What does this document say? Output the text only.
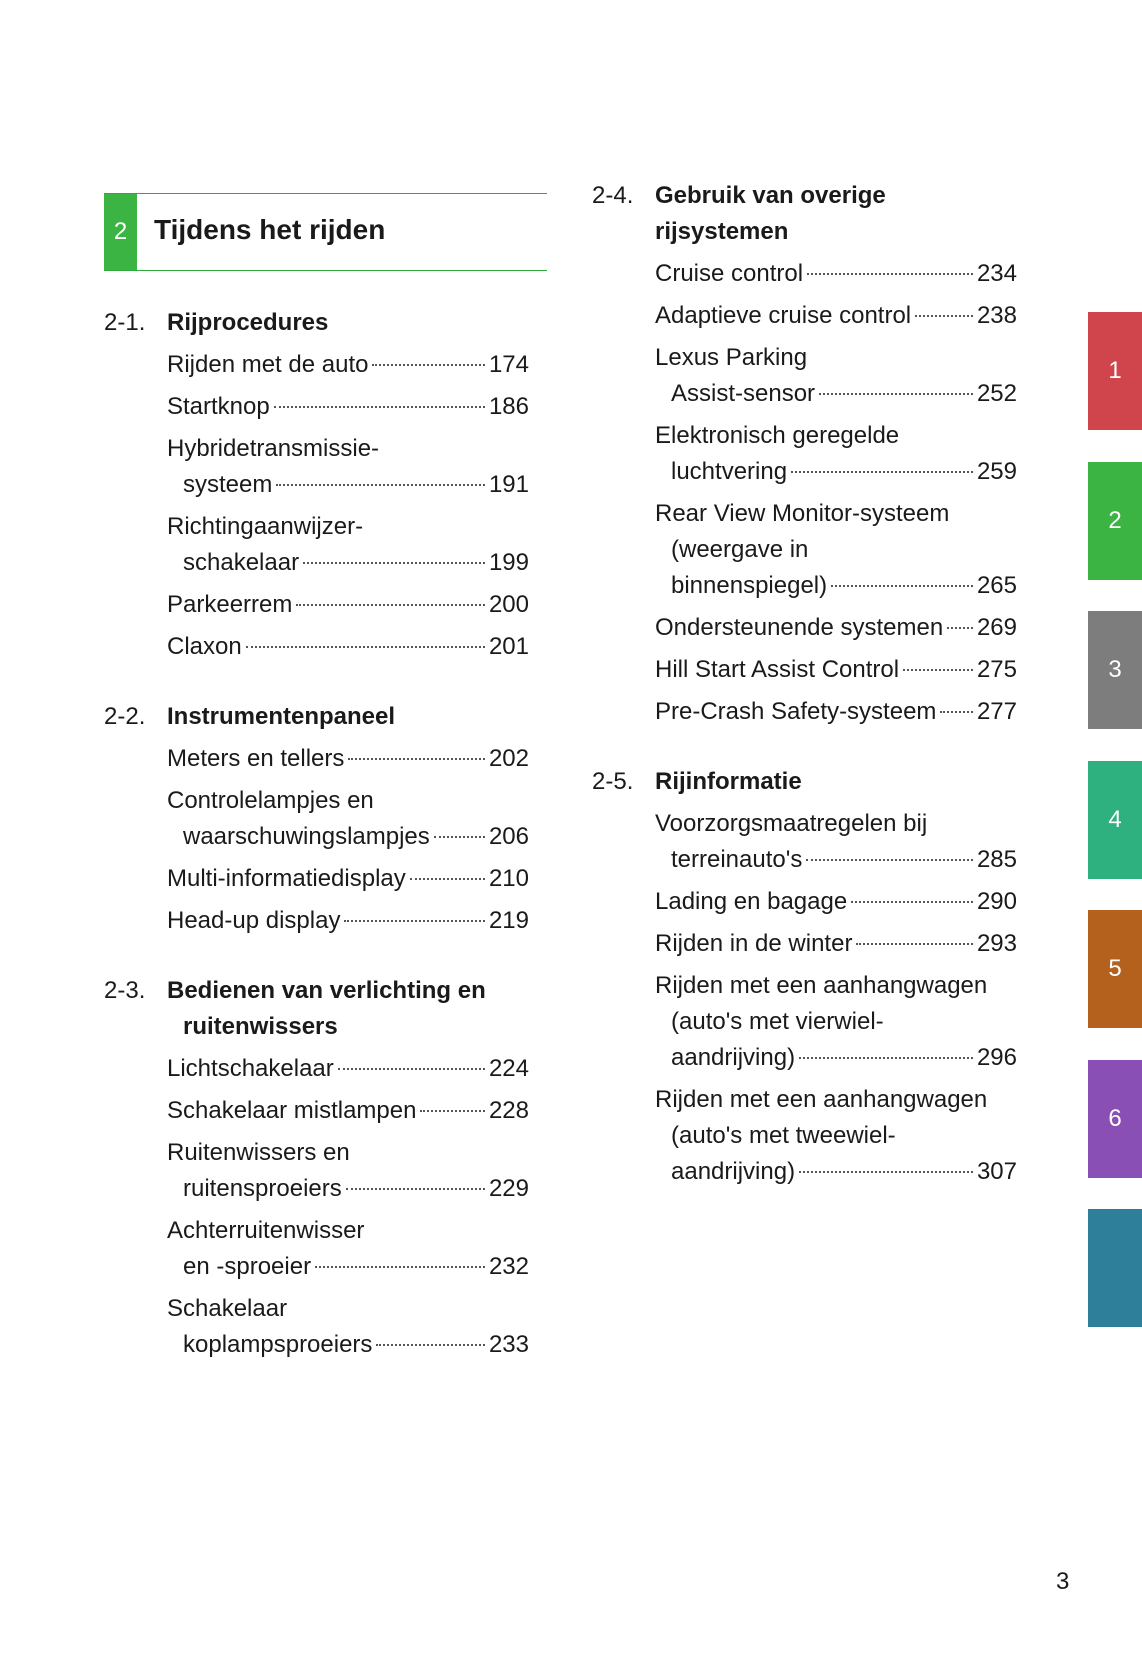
2 Tijdens het rijden
2-1. Rijprocedures
Rijden met de auto	174
Startknop	186
Hybridetransmissie-
systeem	191
Richtingaanwijzer-
schakelaar	199
Parkeerrem	200
Claxon	201
2-2. Instrumentenpaneel
Meters en tellers	202
Controlelampjes en
waarschuwingslampjes 206
Multi-informatiedisplay	210
Head-up display	219
2-3. Bedienen van verlichting en
ruitenwissers
Lichtschakelaar	224
Schakelaar mistlampen	228
Ruitenwissers en
ruitensproeiers	229
Achterruitenwisser
en -sproeier	232
Schakelaar
koplampsproeiers	233
2-4. Gebruik van overige rijsystemen
Cruise control	234
Adaptieve cruise control	238
Lexus Parking
Assist-sensor	252
Elektronisch geregelde
luchtvering	259
Rear View Monitor-systeem
(weergave in
binnenspiegel)	265
Ondersteunende systemen 269
Hill Start Assist Control	275
Pre-Crash Safety-systeem 277
2-5. Rijinformatie
Voorzorgsmaatregelen bij
terreinauto's	285
Lading en bagage	290
Rijden in de winter	293
Rijden met een aanhangwagen
(auto's met vierwiel-
aandrijving)	296
Rijden met een aanhangwagen
(auto's met tweewiel-
aandrijving)	307
1
2
3
4
5
6
3
